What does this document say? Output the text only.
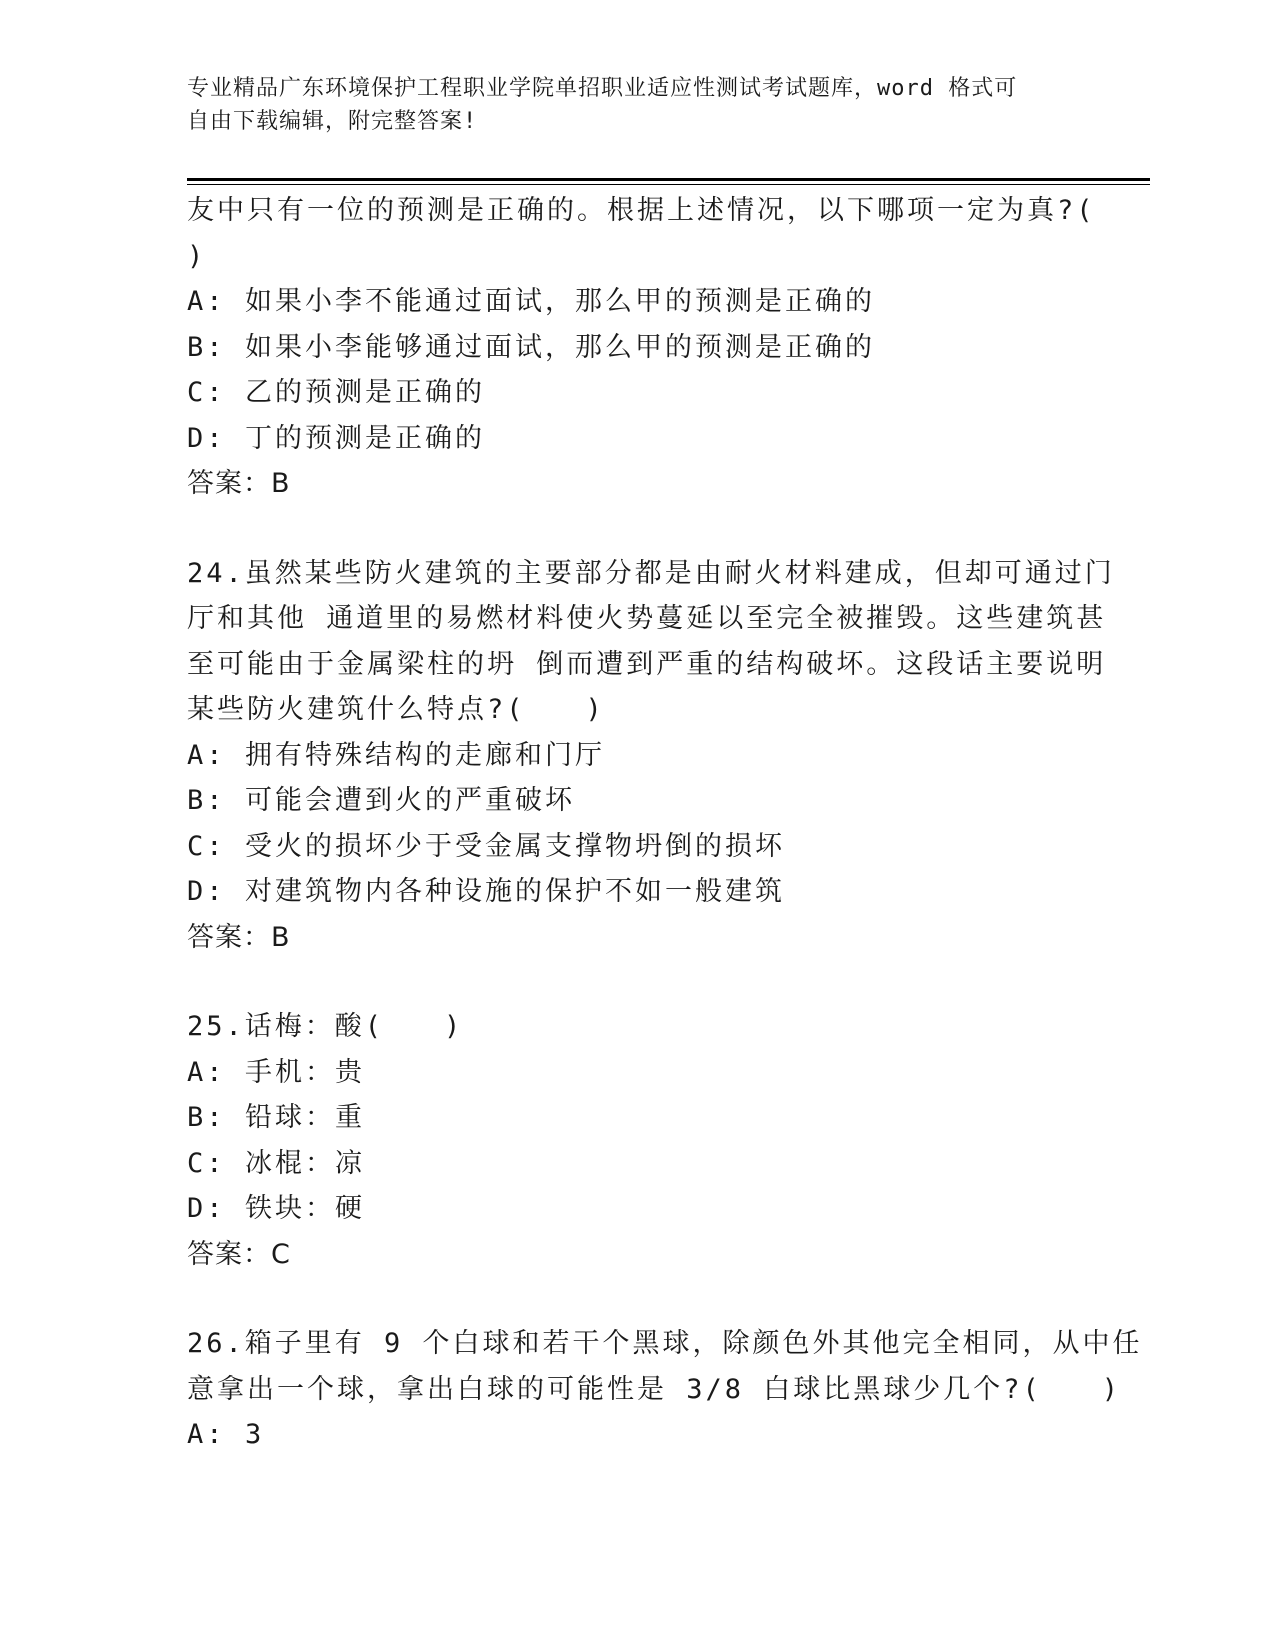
专业精品广东环境保护工程职业学院单招职业适应性测试考试题库，word 格式可
自由下载编辑，附完整答案!
友中只有一位的预测是正确的。根据上述情况，以下哪项一定为真?(
)
A: 如果小李不能通过面试，那么甲的预测是正确的
B: 如果小李能够通过面试，那么甲的预测是正确的
C: 乙的预测是正确的
D: 丁的预测是正确的
答案：B
24.虽然某些防火建筑的主要部分都是由耐火材料建成，但却可通过门
厅和其他 通道里的易燃材料使火势蔓延以至完全被摧毁。这些建筑甚
至可能由于金属梁柱的坍 倒而遭到严重的结构破坏。这段话主要说明
某些防火建筑什么特点?(　　)
A: 拥有特殊结构的走廊和门厅
B: 可能会遭到火的严重破坏
C: 受火的损坏少于受金属支撑物坍倒的损坏
D: 对建筑物内各种设施的保护不如一般建筑
答案：B
25.话梅：酸(　　)
A: 手机：贵
B: 铅球：重
C: 冰棍：凉
D: 铁块：硬
答案：C
26.箱子里有 9 个白球和若干个黑球，除颜色外其他完全相同，从中任
意拿出一个球，拿出白球的可能性是 3/8 白球比黑球少几个?(　　)
A: 3
